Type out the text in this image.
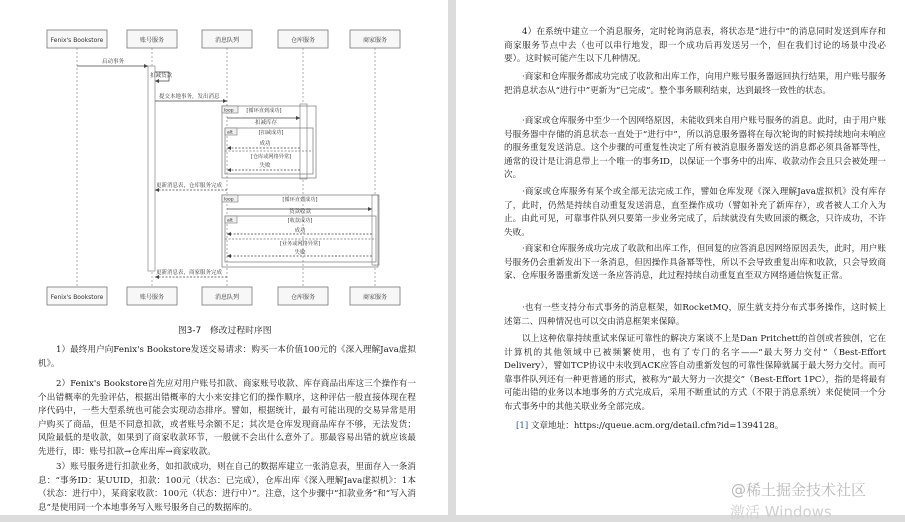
Fenix's Bookstore	账号服务	消息队列	仓库服务	商家服务
启动事务
扣减货款
提交本地事务，发出消息
更新消息表，仓库服务完成
更新消息表，商家服务完成
loop [循环直到成功]
扣减库存
alt	[扣减成功]
成功
[仓库或网络异常]
失败
loop	[循环直到成功]
货款收款
alt	[收款成功]
成功
[业务或网络异常]
失败
Fenix's Bookstore	账号服务	消息队列	仓库服务	商家服务
图3-7　修改过程时序图

1）最终用户向Fenix's Bookstore发送交易请求：购买一本价值100元的《深入理解Java虚拟机》。

2）Fenix's Bookstore首先应对用户账号扣款、商家账号收款、库存商品出库这三个操作有一个出错概率的先验评估，根据出错概率的大小来安排它们的操作顺序，这种评估一般直接体现在程序代码中，一些大型系统也可能会实现动态排序。譬如，根据统计，最有可能出现的交易异常是用户购买了商品，但是不同意扣款，或者账号余额不足；其次是仓库发现商品库存不够，无法发货；风险最低的是收款，如果到了商家收款环节，一般就不会出什么意外了。那最容易出错的就应该最先进行，即：账号扣款→仓库出库→商家收款。

3）账号服务进行扣款业务，如扣款成功，则在自己的数据库建立一张消息表，里面存入一条消息：“事务ID：某UUID，扣款：100元（状态：已完成），仓库出库《深入理解Java虚拟机》：1本（状态：进行中），某商家收款：100元（状态：进行中）”。注意，这个步骤中“扣款业务”和“写入消息”是使用同一个本地事务写入账号服务自己的数据库的。

4）在系统中建立一个消息服务，定时轮询消息表，将状态是“进行中”的消息同时发送到库存和商家服务节点中去（也可以串行地发，即一个成功后再发送另一个，但在我们讨论的场景中没必要）。这时候可能产生以下几种情况。

·商家和仓库服务都成功完成了收款和出库工作，向用户账号服务器返回执行结果，用户账号服务把消息状态从“进行中”更新为“已完成”。整个事务顺利结束，达到最终一致性的状态。

·商家或仓库服务中至少一个因网络原因，未能收到来自用户账号服务的消息。此时，由于用户账号服务器中存储的消息状态一直处于“进行中”，所以消息服务器将在每次轮询的时候持续地向未响应的服务重复发送消息。这个步骤的可重复性决定了所有被消息服务器发送的消息都必须具备幂等性，通常的设计是让消息带上一个唯一的事务ID，以保证一个事务中的出库、收款动作会且只会被处理一次。

·商家或仓库服务有某个或全部无法完成工作，譬如仓库发现《深入理解Java虚拟机》没有库存了，此时，仍然是持续自动重复发送消息，直至操作成功（譬如补充了新库存），或者被人工介入为止。由此可见，可靠事件队列只要第一步业务完成了，后续就没有失败回滚的概念，只许成功，不许失败。

·商家和仓库服务成功完成了收款和出库工作，但回复的应答消息因网络原因丢失，此时，用户账号服务仍会重新发出下一条消息，但因操作具备幂等性，所以不会导致重复出库和收款，只会导致商家、仓库服务器重新发送一条应答消息，此过程持续自动重复直至双方网络通信恢复正常。

·也有一些支持分布式事务的消息框架，如RocketMQ，原生就支持分布式事务操作，这时候上述第二、四种情况也可以交由消息框架来保障。

以上这种依靠持续重试来保证可靠性的解决方案谈不上是Dan Pritchett的首创或者独创，它在计算机的其他领域中已被频繁使用，也有了专门的名字——“最大努力交付”（Best-Effort Delivery），譬如TCP协议中未收到ACK应答自动重新发包的可靠性保障就属于最大努力交付。而可靠事件队列还有一种更普通的形式，被称为“最大努力一次提交”（Best-Effort 1PC），指的是将最有可能出错的业务以本地事务的方式完成后，采用不断重试的方式（不限于消息系统）来促使同一个分布式事务中的其他关联业务全部完成。

[1] 文章地址：https://queue.acm.org/detail.cfm?id=1394128。
@稀土掘金技术社区
激活 Windows
